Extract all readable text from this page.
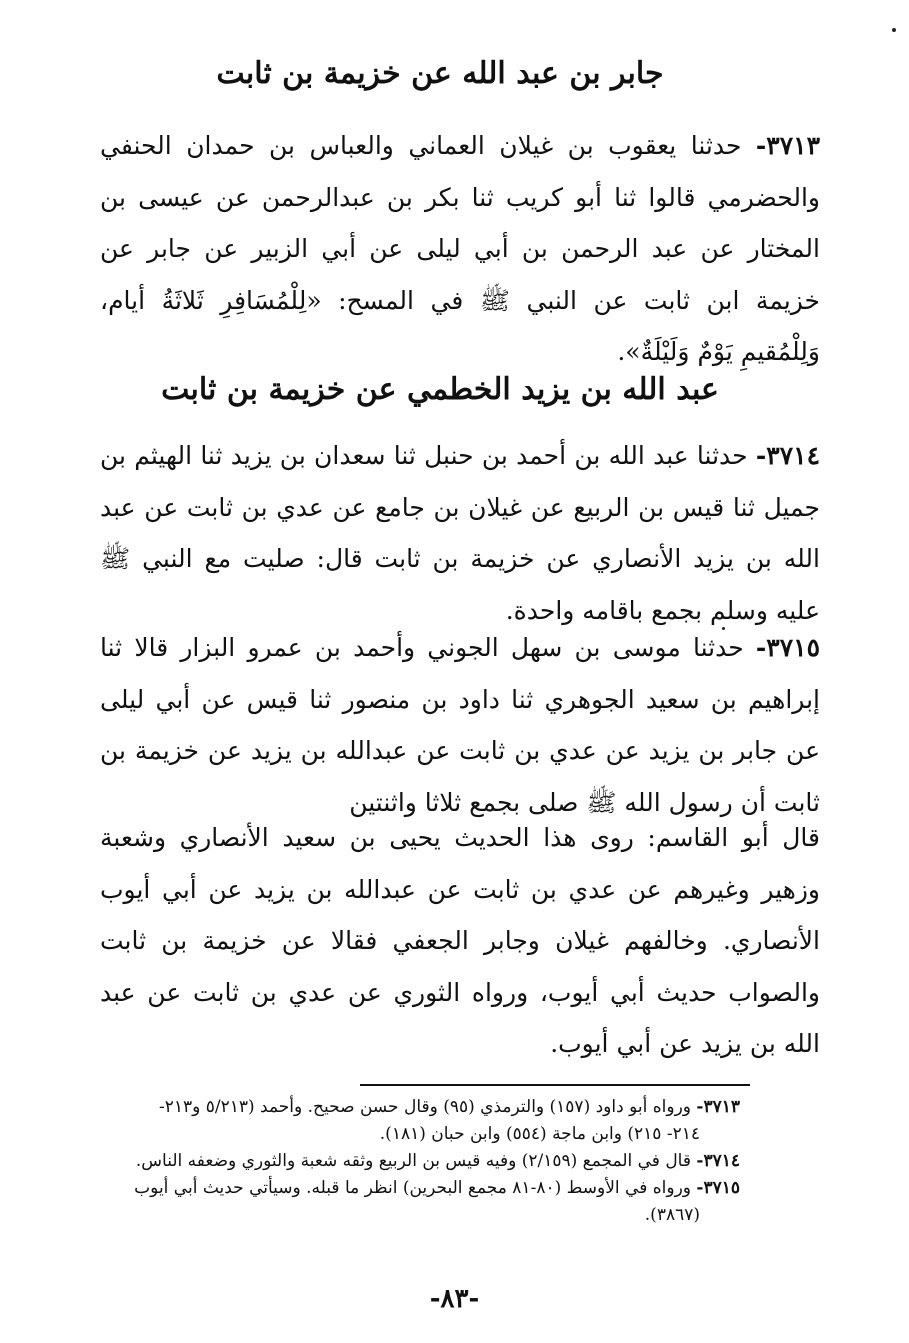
جابر بن عبد الله عن خزيمة بن ثابت

٣٧١٣- حدثنا يعقوب بن غيلان العماني والعباس بن حمدان الحنفي والحضرمي قالوا ثنا أبو كريب ثنا بكر بن عبدالرحمن عن عيسى بن المختار عن عبد الرحمن بن أبي ليلى عن أبي الزبير عن جابر عن خزيمة ابن ثابت عن النبي ﷺ في المسح: «لِلْمُسَافِرِ ثَلاثَةُ أيام، وَلِلْمُقيمِ يَوْمٌ وَلَيْلَةٌ».

عبد الله بن يزيد الخطمي عن خزيمة بن ثابت

٣٧١٤- حدثنا عبد الله بن أحمد بن حنبل ثنا سعدان بن يزيد ثنا الهيثم بن جميل ثنا قيس بن الربيع عن غيلان بن جامع عن عدي بن ثابت عن عبد الله بن يزيد الأنصاري عن خزيمة بن ثابت قال: صليت مع النبي ﷺ عليه وسلم بجمع باقامه واحدة.

٣٧١٥- حدثنا موسى بن سهل الجوني وأحمد بن عمرو البزار قالا ثنا إبراهيم بن سعيد الجوهري ثنا داود بن منصور ثنا قيس عن أبي ليلى عن جابر بن يزيد عن عدي بن ثابت عن عبدالله بن يزيد عن خزيمة بن ثابت أن رسول الله ﷺ صلى بجمع ثلاثا واثنتين

قال أبو القاسم: روى هذا الحديث يحيى بن سعيد الأنصاري وشعبة وزهير وغيرهم عن عدي بن ثابت عن عبدالله بن يزيد عن أبي أيوب الأنصاري. وخالفهم غيلان وجابر الجعفي فقالا عن خزيمة بن ثابت والصواب حديث أبي أيوب، ورواه الثوري عن عدي بن ثابت عن عبد الله بن يزيد عن أبي أيوب.

٣٧١٣- ورواه أبو داود (١٥٧) والترمذي (٩٥) وقال حسن صحيح. وأحمد (٥/٢١٣ و٢١٣-

٢١٤- ٢١٥) وابن ماجة (٥٥٤) وابن حبان (١٨١).

٣٧١٤- قال في المجمع (٢/١٥٩) وفيه قيس بن الربيع وثقه شعبة والثوري وضعفه الناس.

٣٧١٥- ورواه في الأوسط (٨٠-٨١ مجمع البحرين) انظر ما قبله. وسيأتي حديث أبي أيوب

(٣٨٦٧).

-٨٣-
